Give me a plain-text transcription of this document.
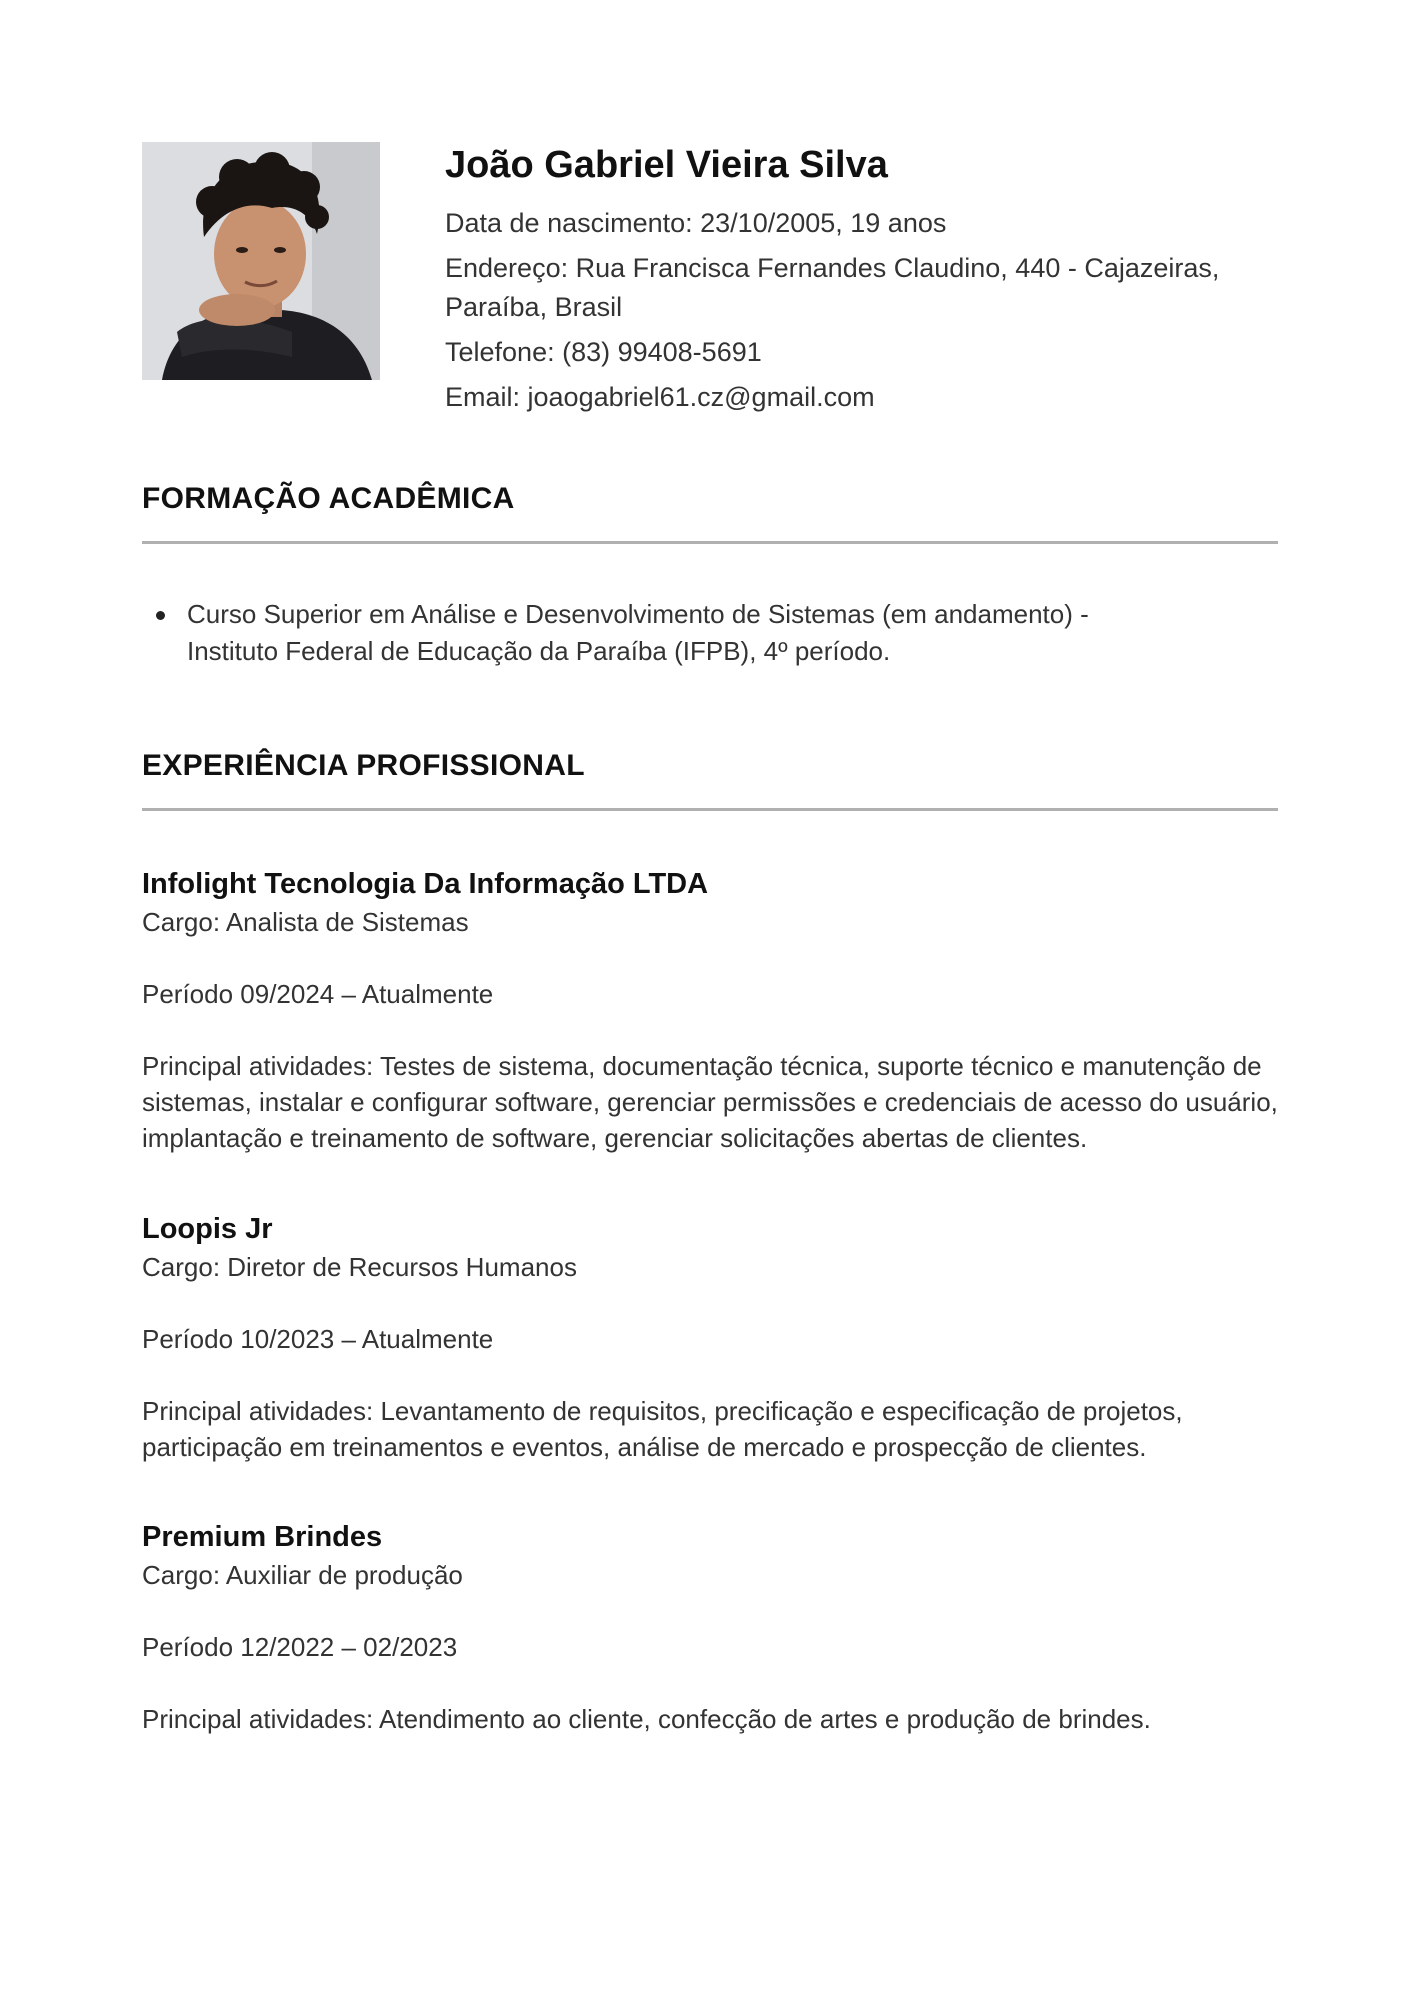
João Gabriel Vieira Silva
Data de nascimento: 23/10/2005, 19 anos
Endereço: Rua Francisca Fernandes Claudino, 440 - Cajazeiras,
Paraíba, Brasil
Telefone: (83) 99408-5691
Email: joaogabriel61.cz@gmail.com
FORMAÇÃO ACADÊMICA
Curso Superior em Análise e Desenvolvimento de Sistemas (em andamento) -
Instituto Federal de Educação da Paraíba (IFPB), 4º período.
EXPERIÊNCIA PROFISSIONAL
Infolight Tecnologia Da Informação LTDA
Cargo: Analista de Sistemas
Período 09/2024 – Atualmente
Principal atividades: Testes de sistema, documentação técnica, suporte técnico e manutenção de sistemas, instalar e configurar software, gerenciar permissões e credenciais de acesso do usuário, implantação e treinamento de software, gerenciar solicitações abertas de clientes.
Loopis Jr
Cargo: Diretor de Recursos Humanos
Período 10/2023 – Atualmente
Principal atividades: Levantamento de requisitos, precificação e especificação de projetos, participação em treinamentos e eventos, análise de mercado e prospecção de clientes.
Premium Brindes
Cargo: Auxiliar de produção
Período 12/2022 – 02/2023
Principal atividades: Atendimento ao cliente, confecção de artes e produção de brindes.
